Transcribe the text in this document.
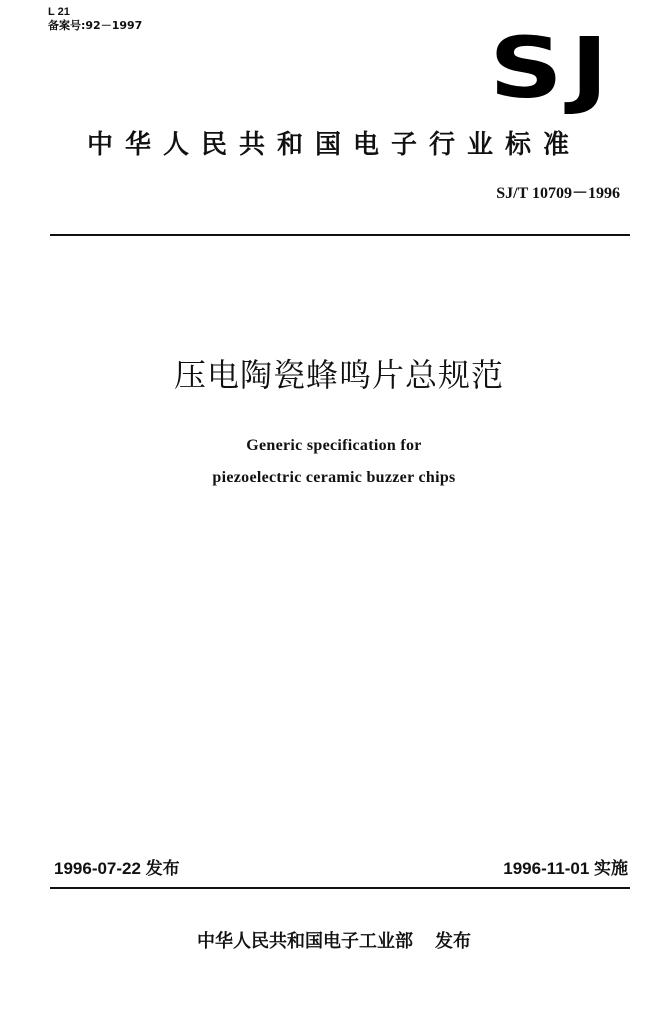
L 21
备案号:92－1997	SJ
中华人民共和国电子行业标准
SJ/T 10709－1996
压电陶瓷蜂鸣片总规范
Generic specification for
piezoelectric ceramic buzzer chips
1996-07-22 发布	1996-11-01 实施
中华人民共和国电子工业部 发布
